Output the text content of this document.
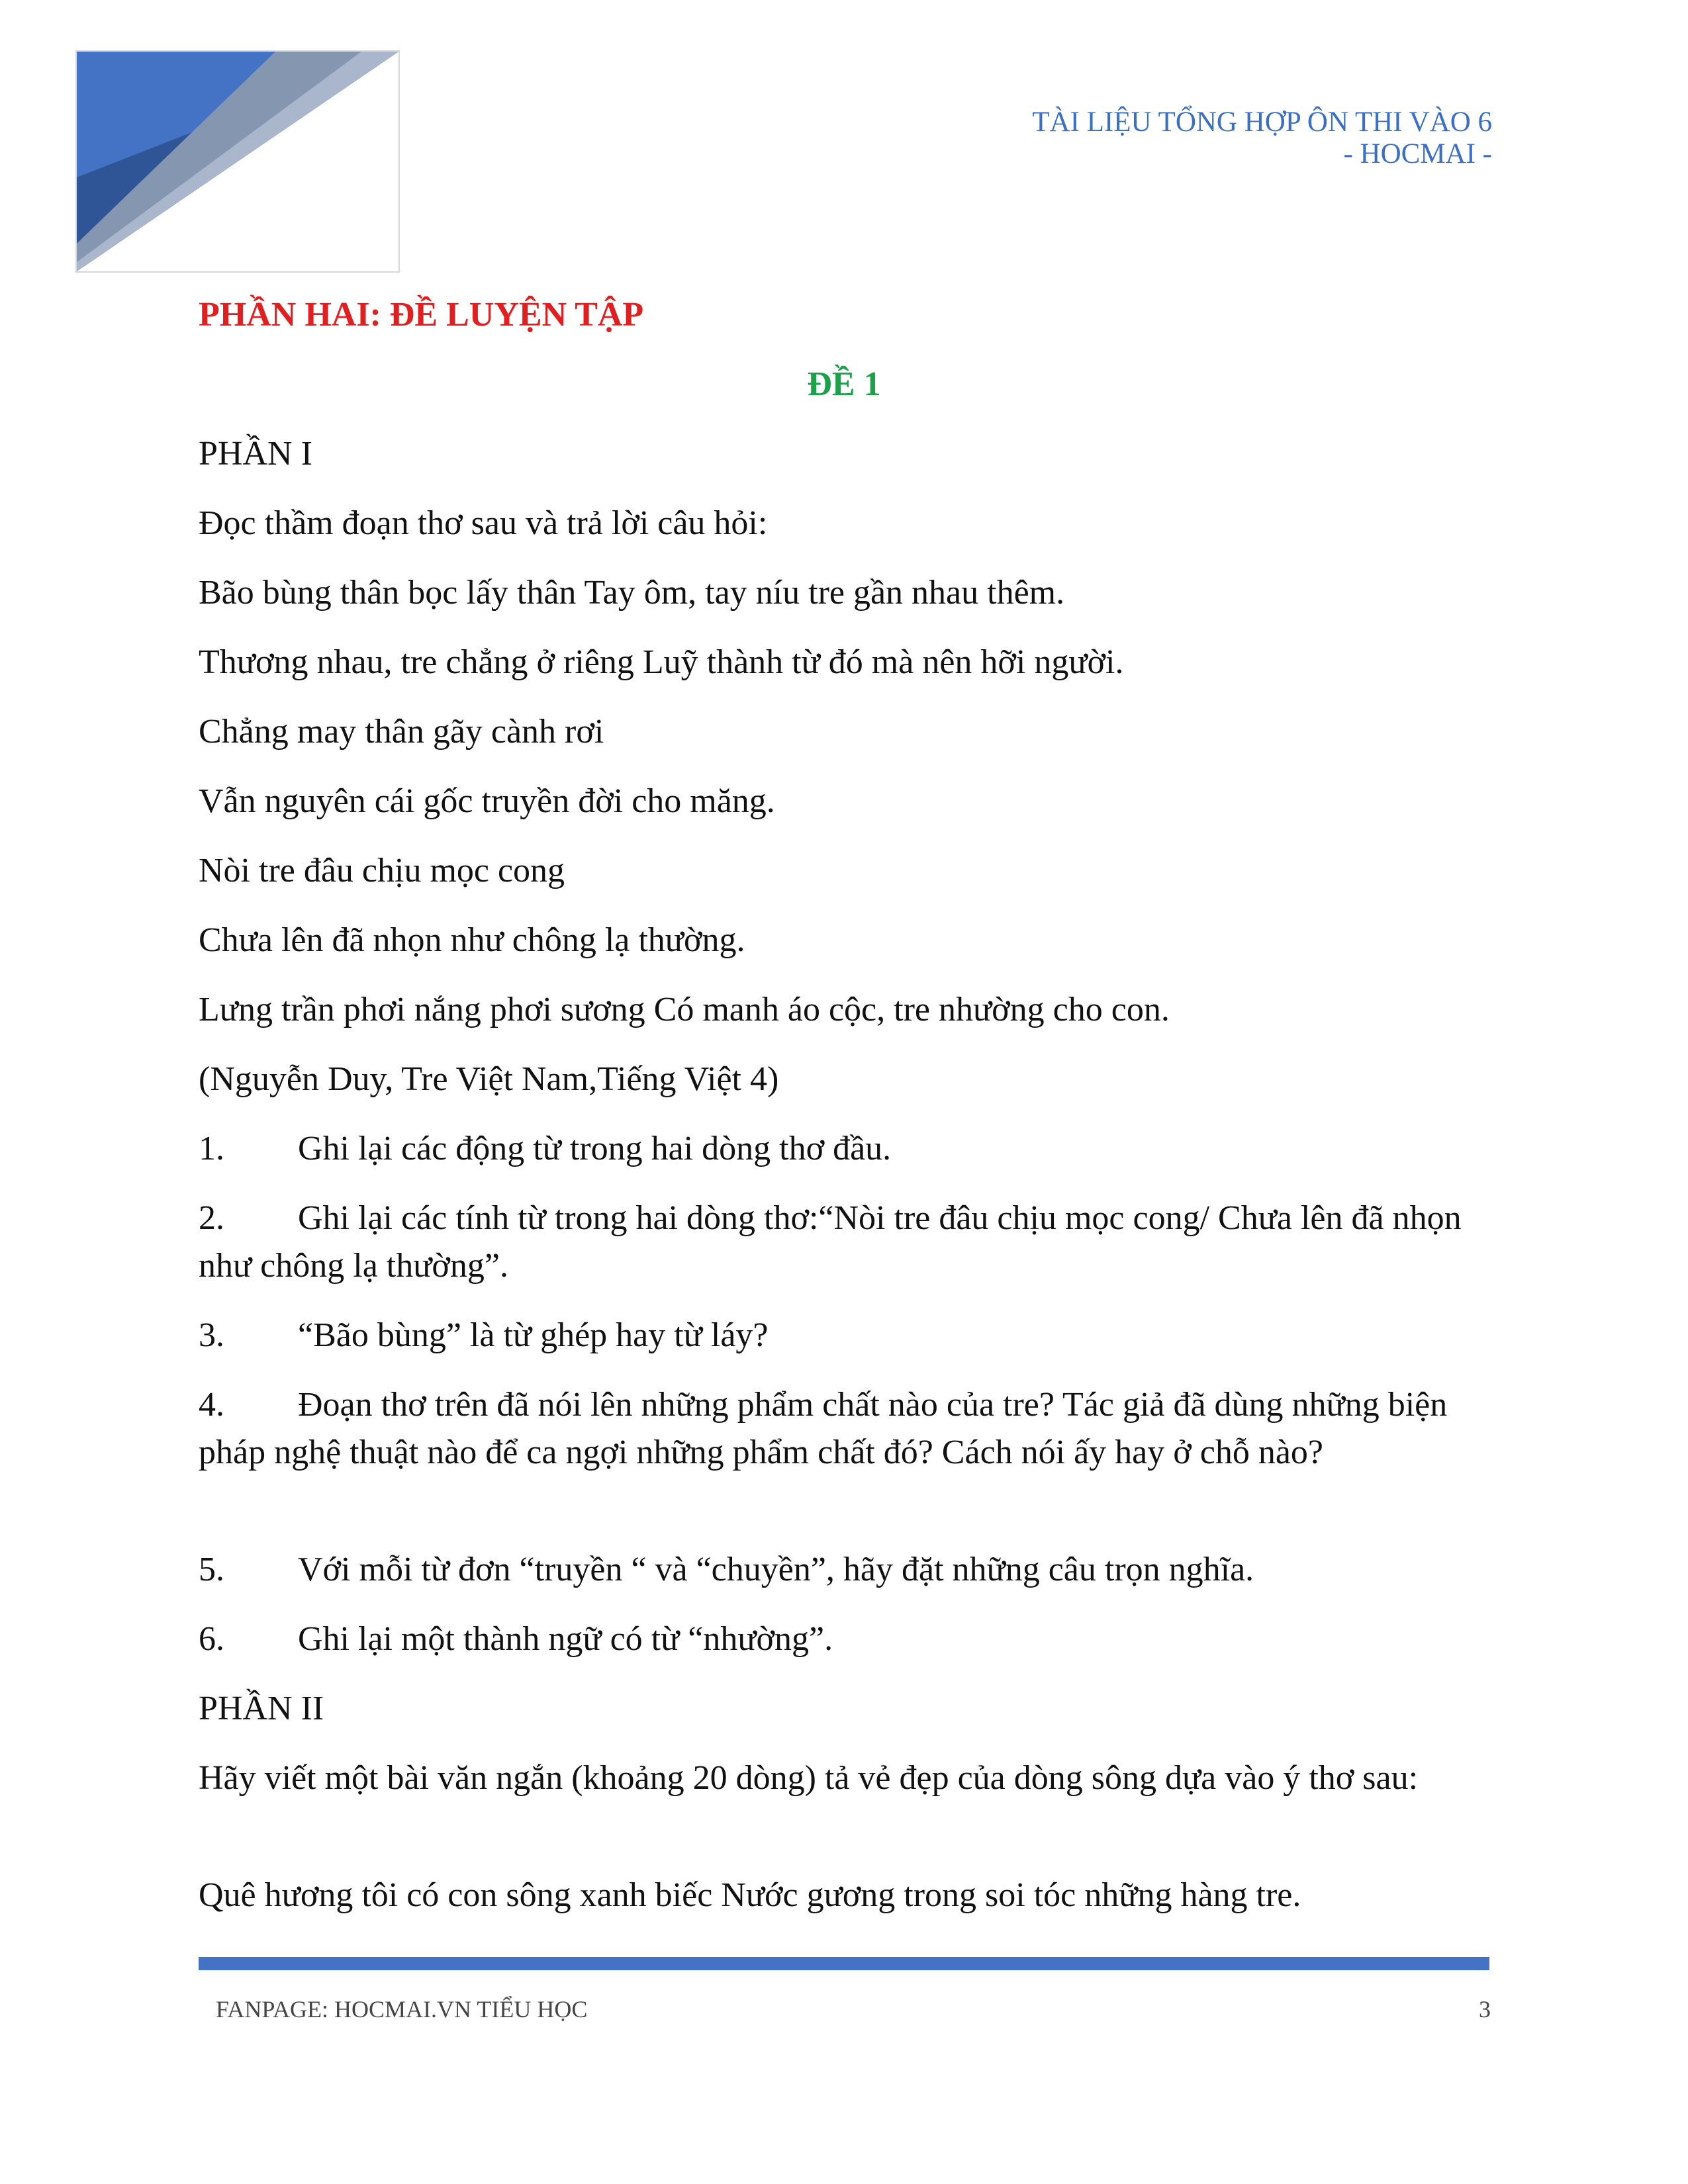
TÀI LIỆU TỔNG HỢP ÔN THI VÀO 6
- HOCMAI -
PHẦN HAI: ĐỀ LUYỆN TẬP
ĐỀ 1
PHẦN I
Đọc thầm đoạn thơ sau và trả lời câu hỏi:
Bão bùng thân bọc lấy thân Tay ôm, tay níu tre gần nhau thêm.
Thương nhau, tre chẳng ở riêng Luỹ thành từ đó mà nên hỡi người.
Chẳng may thân gãy cành rơi
Vẫn nguyên cái gốc truyền đời cho măng.
Nòi tre đâu chịu mọc cong
Chưa lên đã nhọn như chông lạ thường.
Lưng trần phơi nắng phơi sương Có manh áo cộc, tre nhường cho con.
(Nguyễn Duy, Tre Việt Nam,Tiếng Việt 4)
1.	Ghi lại các động từ trong hai dòng thơ đầu.
2.	Ghi lại các tính từ trong hai dòng thơ:“Nòi tre đâu chịu mọc cong/ Chưa lên đã nhọn như chông lạ thường”.
3.	“Bão bùng” là từ ghép hay từ láy?
4.	Đoạn thơ trên đã nói lên những phẩm chất nào của tre? Tác giả đã dùng những biện pháp nghệ thuật nào để ca ngợi những phẩm chất đó? Cách nói ấy hay ở chỗ nào?
5.	Với mỗi từ đơn “truyền “ và “chuyền”, hãy đặt những câu trọn nghĩa.
6.	Ghi lại một thành ngữ có từ “nhường”.
PHẦN II
Hãy viết một bài văn ngắn (khoảng 20 dòng) tả vẻ đẹp của dòng sông dựa vào ý thơ sau:
Quê hương tôi có con sông xanh biếc Nước gương trong soi tóc những hàng tre.
FANPAGE: HOCMAI.VN TIỂU HỌC	3
